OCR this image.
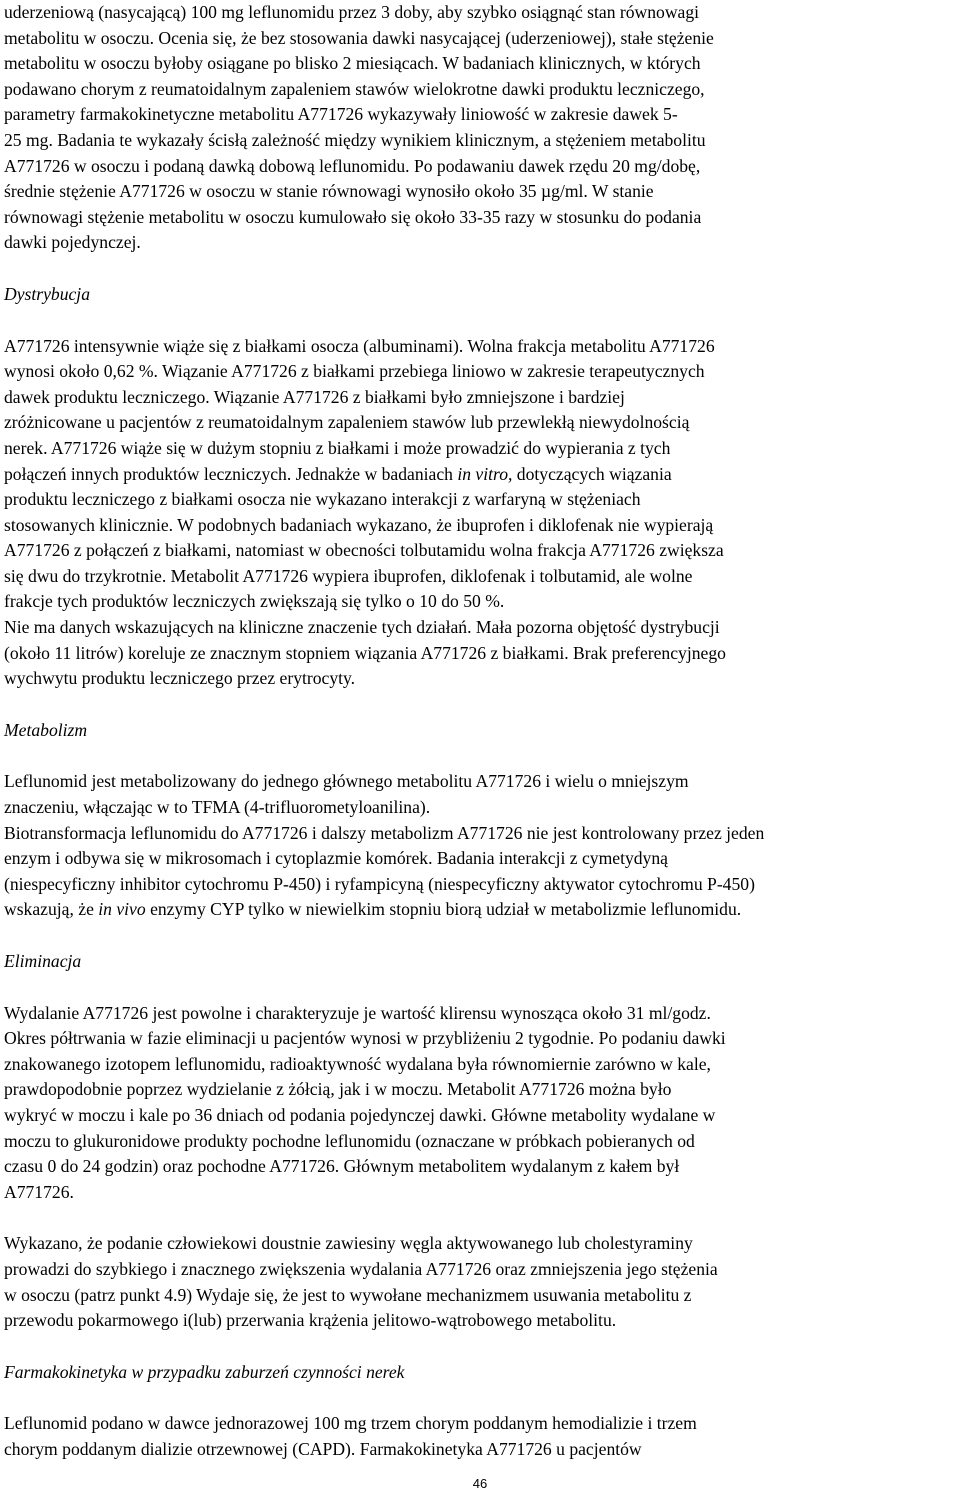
uderzeniową (nasycającą) 100 mg leflunomidu przez 3 doby, aby szybko osiągnąć stan równowagi

metabolitu w osoczu. Ocenia się, że bez stosowania dawki nasycającej (uderzeniowej), stałe stężenie

metabolitu w osoczu byłoby osiągane po blisko 2 miesiącach. W badaniach klinicznych, w których

podawano chorym z reumatoidalnym zapaleniem stawów wielokrotne dawki produktu leczniczego,

parametry farmakokinetyczne metabolitu A771726 wykazywały liniowość w zakresie dawek 5-

25 mg. Badania te wykazały ścisłą zależność między wynikiem klinicznym, a stężeniem metabolitu

A771726 w osoczu i podaną dawką dobową leflunomidu. Po podawaniu dawek rzędu 20 mg/dobę,

średnie stężenie A771726 w osoczu w stanie równowagi wynosiło około 35 µg/ml. W stanie

równowagi stężenie metabolitu w osoczu kumulowało się około 33-35 razy w stosunku do podania

dawki pojedynczej.

Dystrybucja

A771726 intensywnie wiąże się z białkami osocza (albuminami). Wolna frakcja metabolitu A771726

wynosi około 0,62 %. Wiązanie A771726 z białkami przebiega liniowo w zakresie terapeutycznych

dawek produktu leczniczego. Wiązanie A771726 z białkami było zmniejszone i bardziej

zróżnicowane u pacjentów z reumatoidalnym zapaleniem stawów lub przewlekłą niewydolnością

nerek. A771726 wiąże się w dużym stopniu z białkami i może prowadzić do wypierania z tych

połączeń innych produktów leczniczych. Jednakże w badaniach in vitro, dotyczących wiązania

produktu leczniczego z białkami osocza nie wykazano interakcji z warfaryną w stężeniach

stosowanych klinicznie. W podobnych badaniach wykazano, że ibuprofen i diklofenak nie wypierają

A771726 z połączeń z białkami, natomiast w obecności tolbutamidu wolna frakcja A771726 zwiększa

się dwu do trzykrotnie. Metabolit A771726 wypiera ibuprofen, diklofenak i tolbutamid, ale wolne

frakcje tych produktów leczniczych zwiększają się tylko o 10 do 50 %.

Nie ma danych wskazujących na kliniczne znaczenie tych działań. Mała pozorna objętość dystrybucji

(około 11 litrów) koreluje ze znacznym stopniem wiązania A771726 z białkami. Brak preferencyjnego

wychwytu produktu leczniczego przez erytrocyty.

Metabolizm

Leflunomid jest metabolizowany do jednego głównego metabolitu A771726 i wielu o mniejszym

znaczeniu, włączając w to TFMA (4-trifluorometyloanilina).

Biotransformacja leflunomidu do A771726 i dalszy metabolizm A771726 nie jest kontrolowany przez jeden

enzym i odbywa się w mikrosomach i cytoplazmie komórek. Badania interakcji z cymetydyną

(niespecyficzny inhibitor cytochromu P-450) i ryfampicyną (niespecyficzny aktywator cytochromu P-450)

wskazują, że in vivo enzymy CYP tylko w niewielkim stopniu biorą udział w metabolizmie leflunomidu.

Eliminacja

Wydalanie A771726 jest powolne i charakteryzuje je wartość klirensu wynosząca około 31 ml/godz.

Okres półtrwania w fazie eliminacji u pacjentów wynosi w przybliżeniu 2 tygodnie. Po podaniu dawki

znakowanego izotopem leflunomidu, radioaktywność wydalana była równomiernie zarówno w kale,

prawdopodobnie poprzez wydzielanie z żółcią, jak i w moczu. Metabolit A771726 można było

wykryć w moczu i kale po 36 dniach od podania pojedynczej dawki. Główne metabolity wydalane w

moczu to glukuronidowe produkty pochodne leflunomidu (oznaczane w próbkach pobieranych od

czasu 0 do 24 godzin) oraz pochodne A771726. Głównym metabolitem wydalanym z kałem był

A771726.

Wykazano, że podanie człowiekowi doustnie zawiesiny węgla aktywowanego lub cholestyraminy

prowadzi do szybkiego i znacznego zwiększenia wydalania A771726 oraz zmniejszenia jego stężenia

w osoczu (patrz punkt 4.9) Wydaje się, że jest to wywołane mechanizmem usuwania metabolitu z

przewodu pokarmowego i(lub) przerwania krążenia jelitowo-wątrobowego metabolitu.

Farmakokinetyka w przypadku zaburzeń czynności nerek

Leflunomid podano w dawce jednorazowej 100 mg trzem chorym poddanym hemodializie i trzem

chorym poddanym dializie otrzewnowej (CAPD). Farmakokinetyka A771726 u pacjentów

46
